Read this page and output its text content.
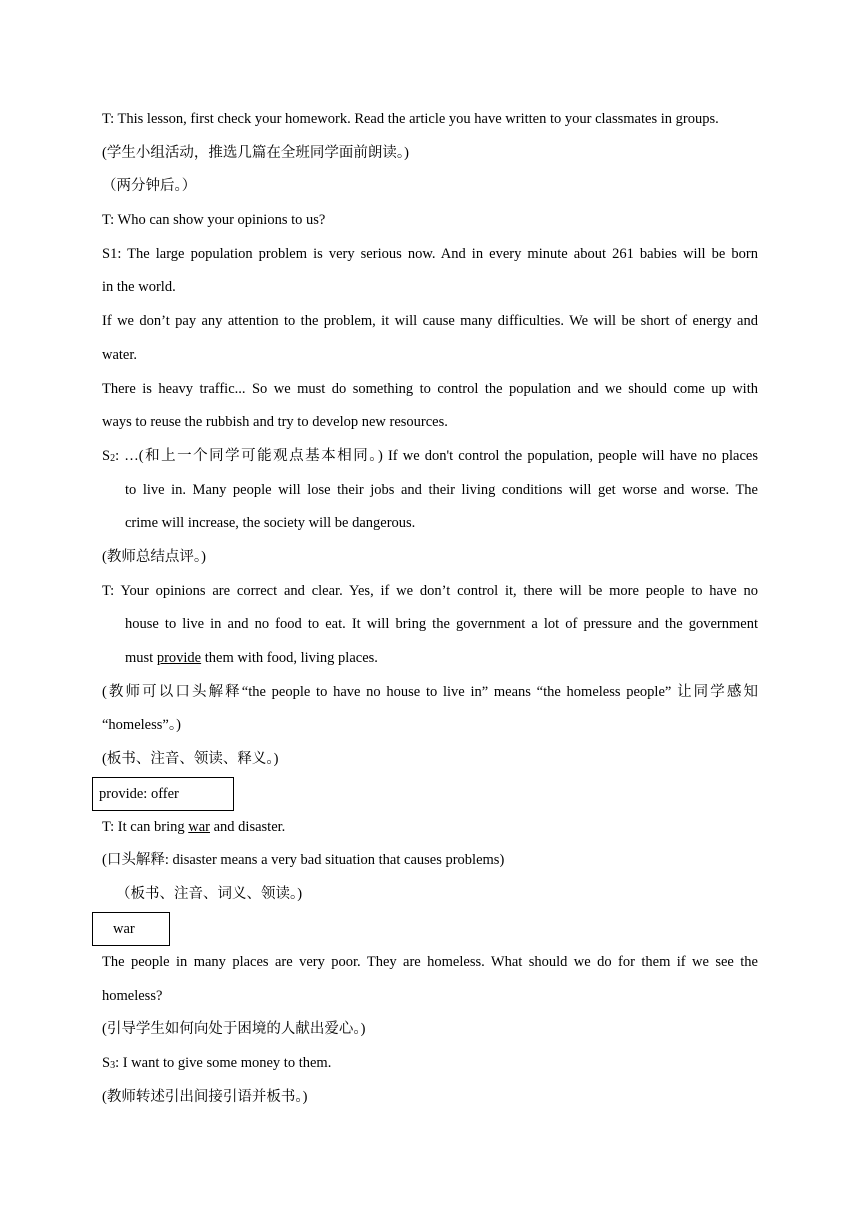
T: This lesson, first check your homework. Read the article you have written to your classmates in groups.
(学生小组活动，推选几篇在全班同学面前朗读。)
（两分钟后。）
T: Who can show your opinions to us?
S1: The large population problem is very serious now. And in every minute about 261 babies will be born
in the world.
If we don’t pay any attention to the problem, it will cause many difficulties. We will be short of energy and
water.
There is heavy traffic... So we must do something to control the population and we should come up with
ways to reuse the rubbish and try to develop new resources.
$S_2$: …(和上一个同学可能观点基本相同。) If we don't control the population, people will have no places
to live in. Many people will lose their jobs and their living conditions will get worse and worse. The
crime will increase, the society will be dangerous.
(教师总结点评。)
T: Your opinions are correct and clear. Yes, if we don’t control it, there will be more people to have no
house to live in and no food to eat. It will bring the government a lot of pressure and the government
must provide them with food, living places.
(教师可以口头解释“the people to have no house to live in” means “the homeless people” 让同学感知
“homeless”。)
(板书、注音、领读、释义。)
provide: offer
T: It can bring war and disaster.
(口头解释: disaster means a very bad situation that causes problems)
（板书、注音、词义、领读。)
war
The people in many places are very poor. They are homeless. What should we do for them if we see the
homeless?
(引导学生如何向处于困境的人献出爱心。)
$S_3$: I want to give some money to them.
(教师转述引出间接引语并板书。)
